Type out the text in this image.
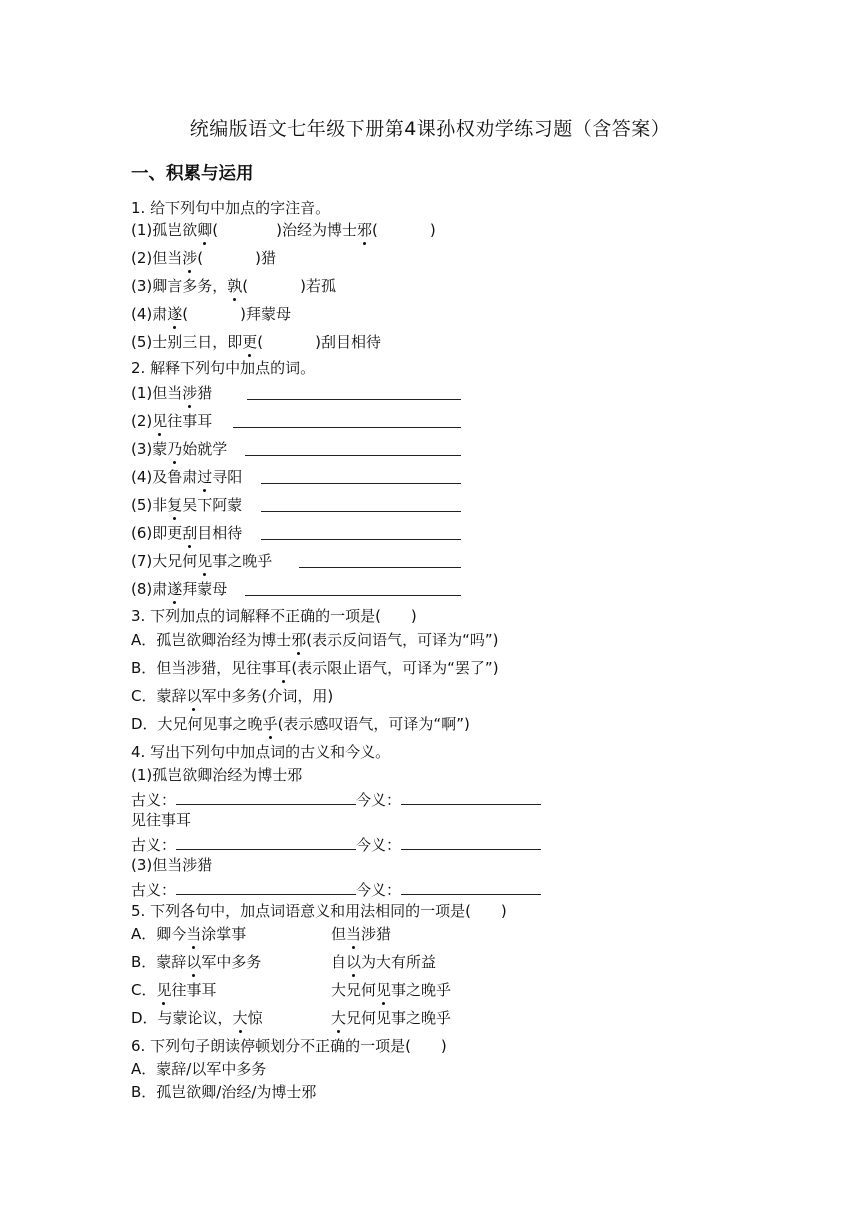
统编版语文七年级下册第4课孙权劝学练习题（含答案）
一、积累与运用
1. 给下列句中加点的字注音。
(1)孤岂欲卿(	)治经为博士邪(	)
(2)但当涉(	)猎
(3)卿言多务，孰(	)若孤
(4)肃遂(	)拜蒙母
(5)士别三日，即更(	)刮目相待
2. 解释下列句中加点的词。
(1)但当涉猎
(2)见往事耳
(3)蒙乃始就学
(4)及鲁肃过寻阳
(5)非复吴下阿蒙
(6)即更刮目相待
(7)大兄何见事之晚乎
(8)肃遂拜蒙母
3. 下列加点的词解释不正确的一项是(　　)
A．孤岂欲卿治经为博士邪(表示反问语气，可译为“吗”)
B．但当涉猎，见往事耳(表示限止语气，可译为“罢了”)
C．蒙辞以军中多务(介词，用)
D．大兄何见事之晚乎(表示感叹语气，可译为“啊”)
4. 写出下列句中加点词的古义和今义。
(1)孤岂欲卿治经为博士邪
古义：	今义：
见往事耳
古义：	今义：
(3)但当涉猎
古义：	今义：
5. 下列各句中，加点词语意义和用法相同的一项是(　　)
A．卿今当涂掌事	但当涉猎
B．蒙辞以军中多务	自以为大有所益
C．见往事耳	大兄何见事之晚乎
D．与蒙论议，大惊	大兄何见事之晚乎
6. 下列句子朗读停顿划分不正确的一项是(　　)
A．蒙辞/以军中多务
B．孤岂欲卿/治经/为博士邪
